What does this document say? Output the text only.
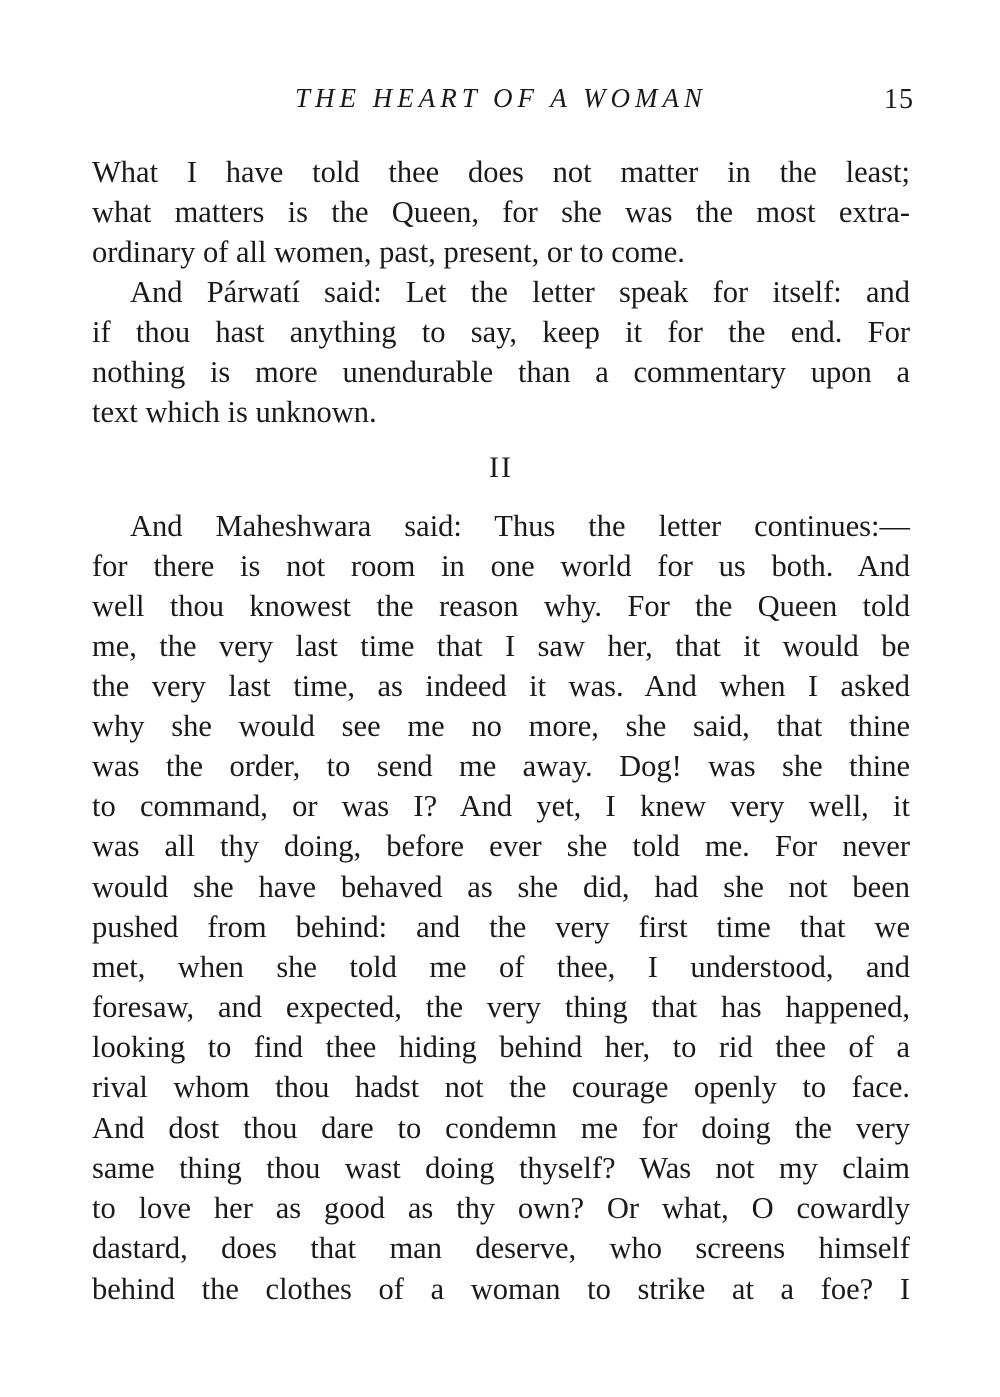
THE HEART OF A WOMAN	15
What I have told thee does not matter in the least;
what matters is the Queen, for she was the most extra-
ordinary of all women, past, present, or to come.
And Párwatí said: Let the letter speak for itself: and
if thou hast anything to say, keep it for the end. For
nothing is more unendurable than a commentary upon a
text which is unknown.
II
And Maheshwara said: Thus the letter continues:—
for there is not room in one world for us both. And
well thou knowest the reason why. For the Queen told
me, the very last time that I saw her, that it would be
the very last time, as indeed it was. And when I asked
why she would see me no more, she said, that thine
was the order, to send me away. Dog! was she thine
to command, or was I? And yet, I knew very well, it
was all thy doing, before ever she told me. For never
would she have behaved as she did, had she not been
pushed from behind: and the very first time that we
met, when she told me of thee, I understood, and
foresaw, and expected, the very thing that has happened,
looking to find thee hiding behind her, to rid thee of a
rival whom thou hadst not the courage openly to face.
And dost thou dare to condemn me for doing the very
same thing thou wast doing thyself? Was not my claim
to love her as good as thy own? Or what, O cowardly
dastard, does that man deserve, who screens himself
behind the clothes of a woman to strike at a foe? I
